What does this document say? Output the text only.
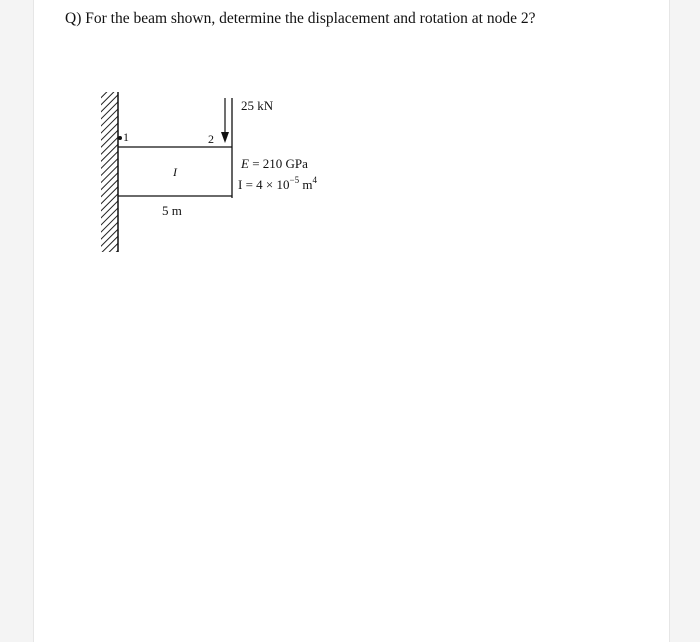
Q) For the beam shown, determine the displacement and rotation at node 2?
1	2
25 kN
I
5 m
E = 210 GPa
$I = 4 \times 10^{-5}$ $m^4$
